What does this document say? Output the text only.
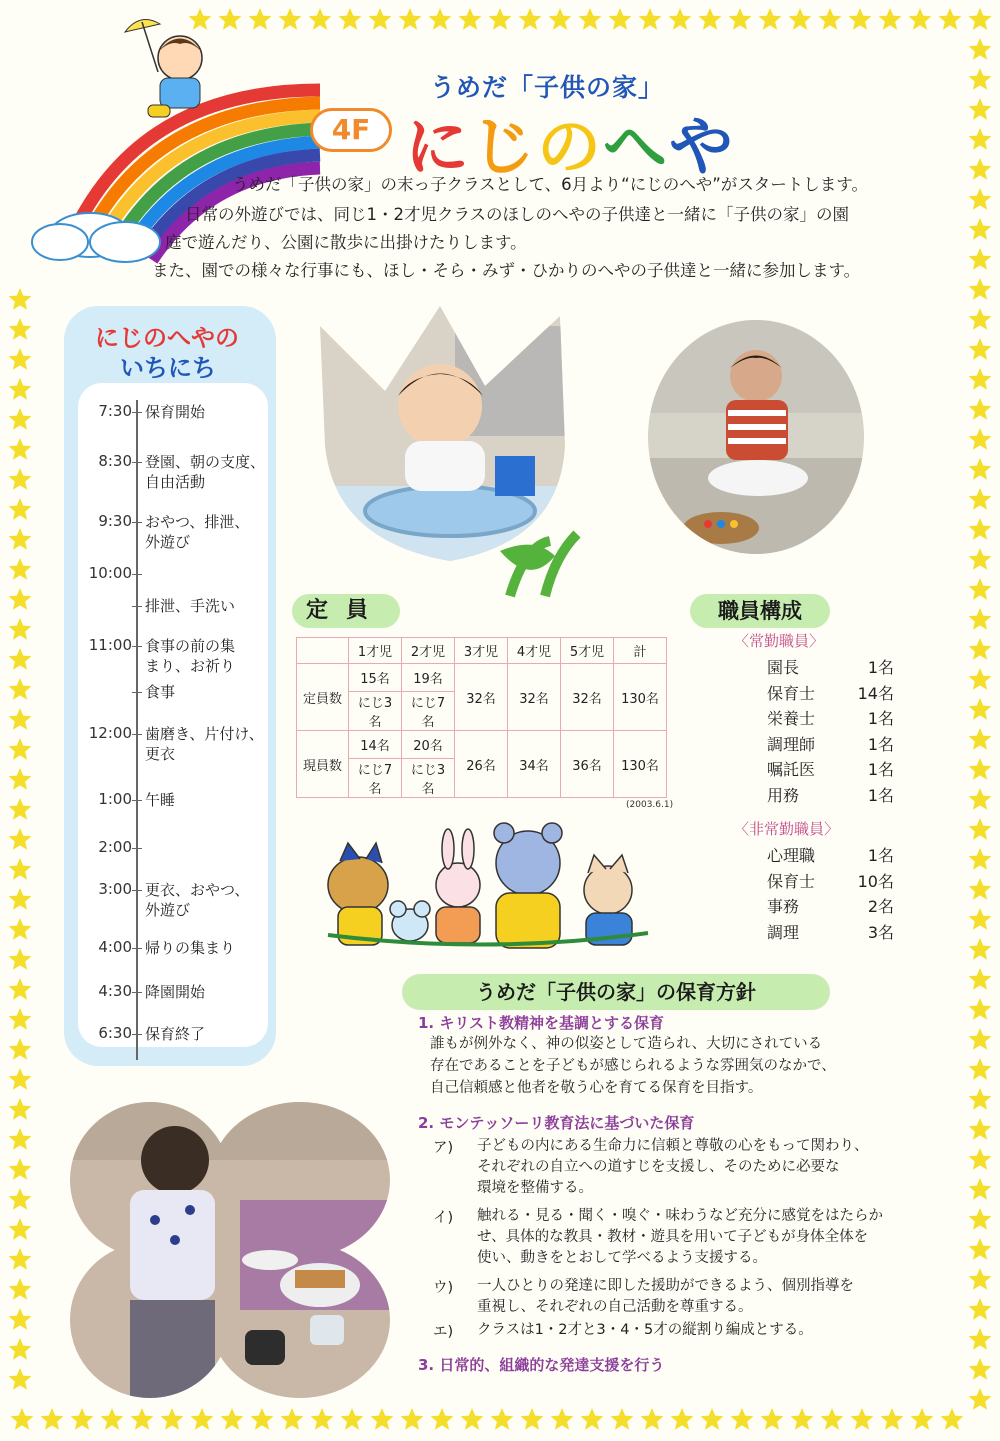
うめだ「子供の家」
4F にじのへや
うめだ「子供の家」の末っ子クラスとして、6月より“にじのへや”がスタートします。
日常の外遊びでは、同じ1・2才児クラスのほしのへやの子供達と一緒に「子供の家」の園
庭で遊んだり、公園に散歩に出掛けたりします。
また、園での様々な行事にも、ほし・そら・みず・ひかりのへやの子供達と一緒に参加します。
にじのへやの
いちにち
7:30 保育開始
8:30 登園、朝の支度、
自由活動
9:30 おやつ、排泄、
外遊び
10:00
排泄、手洗い
11:00 食事の前の集
まり、お祈り
食事
12:00 歯磨き、片付け、
更衣
1:00 午睡
2:00
3:00 更衣、おやつ、
外遊び
4:00 帰りの集まり
4:30 降園開始
6:30 保育終了
定員
	1才児	2才児	3才児	4才児	5才児	計
定員数	15名	19名	32名	32名	32名	130名
	にじ3名	にじ7名				
現員数	14名	20名	26名	34名	36名	130名
	にじ7名	にじ3名				
(2003.6.1)
職員構成
〈常勤職員〉
園長	1名
保育士	14名
栄養士	1名
調理師	1名
嘱託医	1名
用務	1名
〈非常勤職員〉
心理職	1名
保育士	10名
事務	2名
調理	3名
うめだ「子供の家」の保育方針
1. キリスト教精神を基調とする保育
誰もが例外なく、神の似姿として造られ、大切にされている
存在であることを子どもが感じられるような雰囲気のなかで、
自己信頼感と他者を敬う心を育てる保育を目指す。
2. モンテッソーリ教育法に基づいた保育
ア) 子どもの内にある生命力に信頼と尊敬の心をもって関わり、
それぞれの自立への道すじを支援し、そのために必要な
環境を整備する。
イ) 触れる・見る・聞く・嗅ぐ・味わうなど充分に感覚をはたらか
せ、具体的な教具・教材・遊具を用いて子どもが身体全体を
使い、動きをとおして学べるよう支援する。
ウ) 一人ひとりの発達に即した援助ができるよう、個別指導を
重視し、それぞれの自己活動を尊重する。
エ) クラスは1・2才と3・4・5才の縦割り編成とする。
3. 日常的、組織的な発達支援を行う
